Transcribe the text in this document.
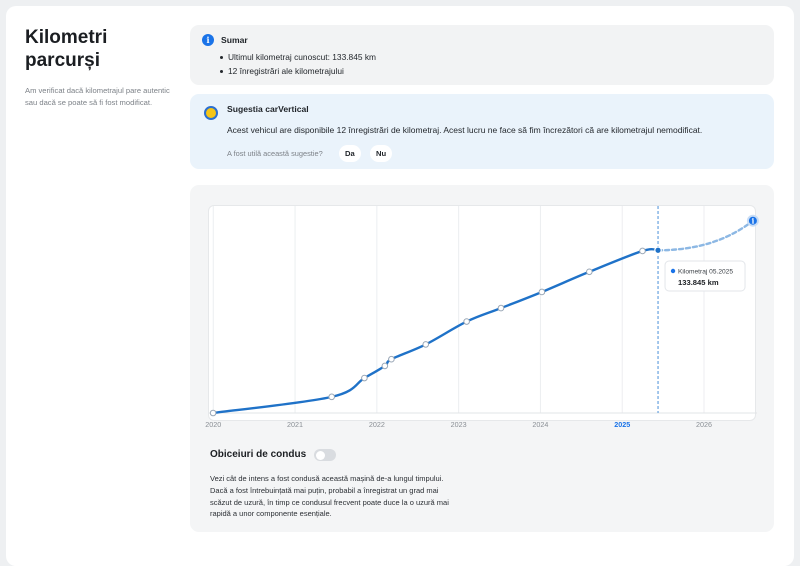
Kilometri
parcurși

Am verificat dacă kilometrajul pare autentic sau dacă se poate să fi fost modificat.

i	Sumar
Ultimul kilometraj cunoscut: 133.845 km
12 înregistrări ale kilometrajului
Sugestia carVertical
Acest vehicul are disponibile 12 înregistrări de kilometraj. Acest lucru ne face să fim încrezători că are kilometrajul nemodificat.
A fost utilă această sugestie?	Da	Nu
2020	2021	2022	2023	2024	2025	2026
i
Kilometraj 05.2025
133.845 km
Obiceiuri de condus
Vezi cât de intens a fost condusă această mașină de-a lungul timpului.
Dacă a fost întrebuințată mai puțin, probabil a înregistrat un grad mai
scăzut de uzură, în timp ce condusul frecvent poate duce la o uzură mai
rapidă a unor componente esențiale.
